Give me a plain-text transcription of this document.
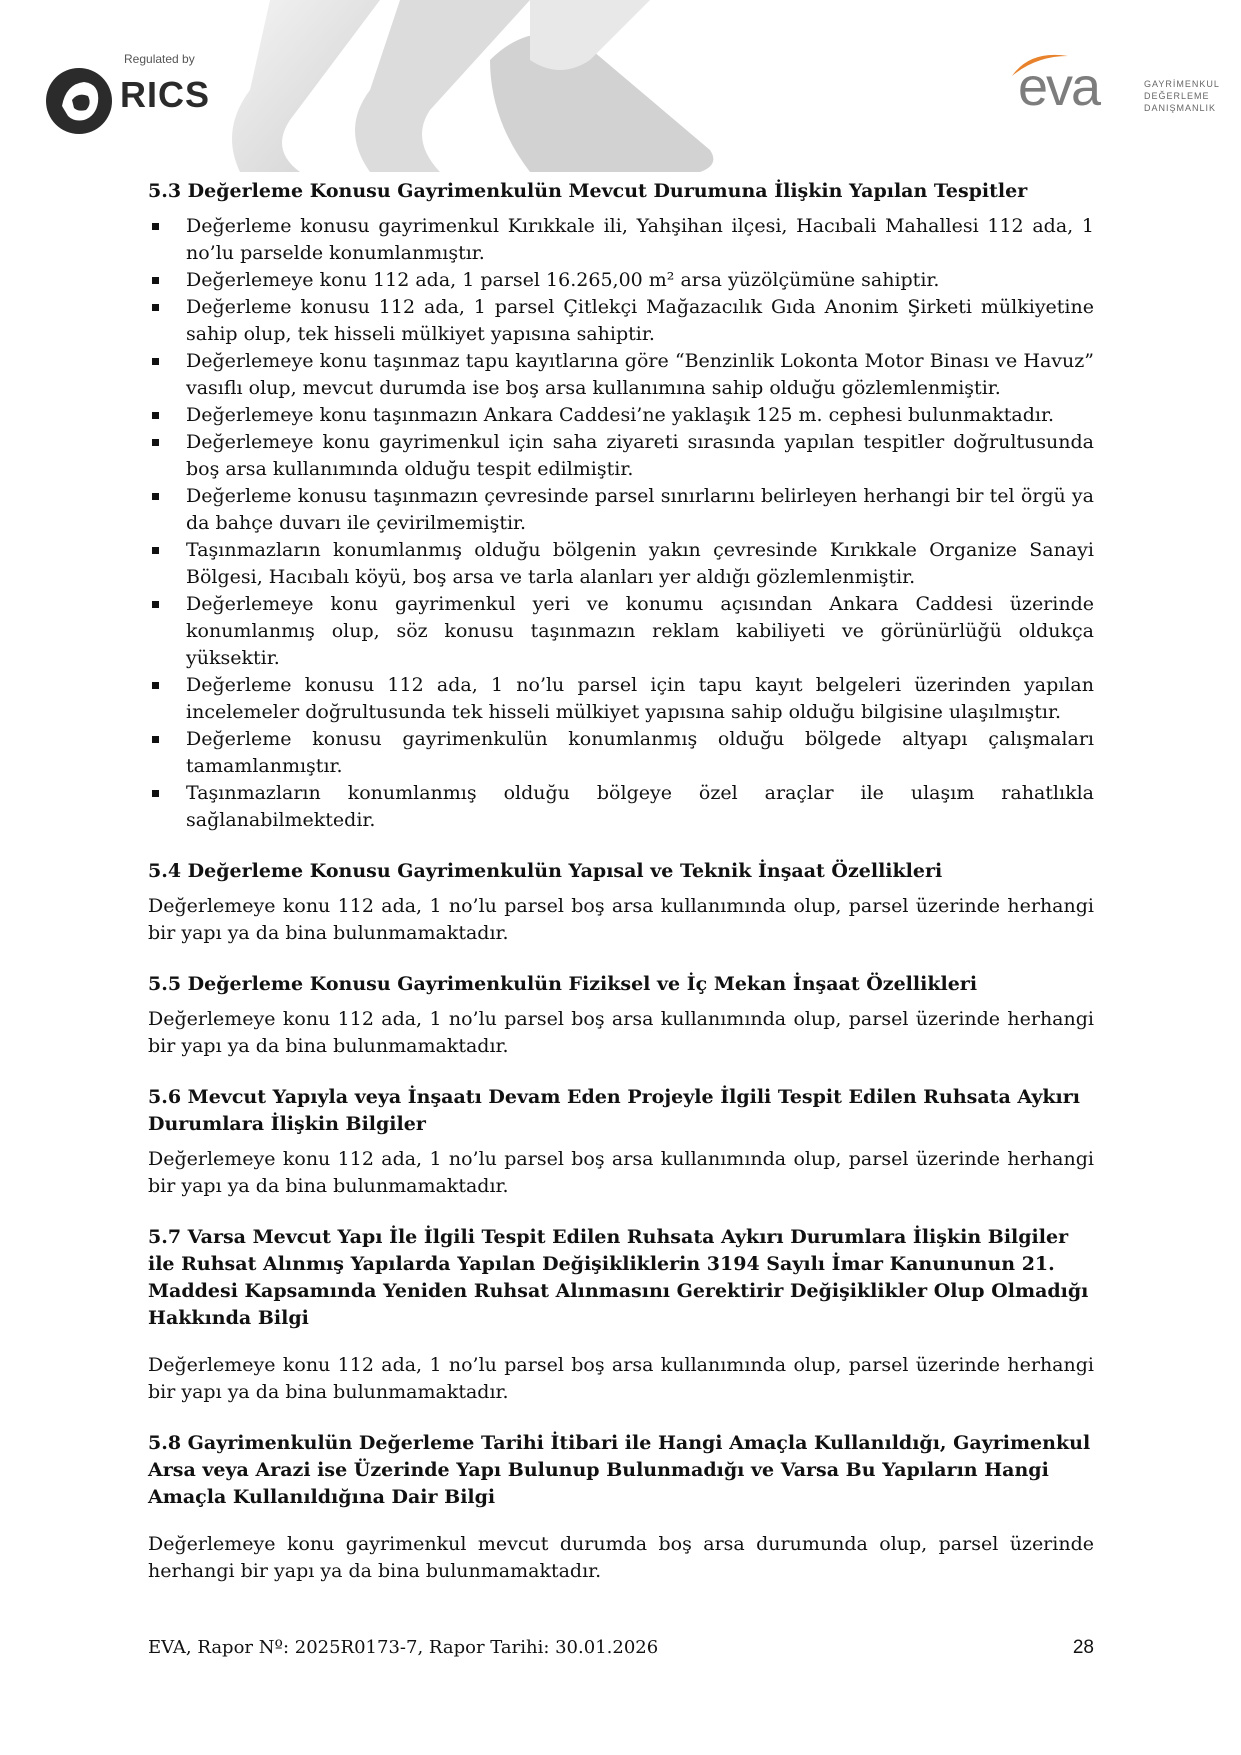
Regulated by
RICS	eva	GAYRİMENKUL
DEĞERLEME
DANIŞMANLIK
5.3 Değerleme Konusu Gayrimenkulün Mevcut Durumuna İlişkin Yapılan Tespitler
Değerleme konusu gayrimenkul Kırıkkale ili, Yahşihan ilçesi, Hacıbali Mahallesi 112 ada, 1 no’lu parselde konumlanmıştır.
Değerlemeye konu 112 ada, 1 parsel 16.265,00 m² arsa yüzölçümüne sahiptir.
Değerleme konusu 112 ada, 1 parsel Çitlekçi Mağazacılık Gıda Anonim Şirketi mülkiyetine sahip olup, tek hisseli mülkiyet yapısına sahiptir.
Değerlemeye konu taşınmaz tapu kayıtlarına göre “Benzinlik Lokonta Motor Binası ve Havuz” vasıflı olup, mevcut durumda ise boş arsa kullanımına sahip olduğu gözlemlenmiştir.
Değerlemeye konu taşınmazın Ankara Caddesi’ne yaklaşık 125 m. cephesi bulunmaktadır.
Değerlemeye konu gayrimenkul için saha ziyareti sırasında yapılan tespitler doğrultusunda boş arsa kullanımında olduğu tespit edilmiştir.
Değerleme konusu taşınmazın çevresinde parsel sınırlarını belirleyen herhangi bir tel örgü ya da bahçe duvarı ile çevirilmemiştir.
Taşınmazların konumlanmış olduğu bölgenin yakın çevresinde Kırıkkale Organize Sanayi Bölgesi, Hacıbalı köyü, boş arsa ve tarla alanları yer aldığı gözlemlenmiştir.
Değerlemeye konu gayrimenkul yeri ve konumu açısından Ankara Caddesi üzerinde konumlanmış olup, söz konusu taşınmazın reklam kabiliyeti ve görünürlüğü oldukça yüksektir.
Değerleme konusu 112 ada, 1 no’lu parsel için tapu kayıt belgeleri üzerinden yapılan incelemeler doğrultusunda tek hisseli mülkiyet yapısına sahip olduğu bilgisine ulaşılmıştır.
Değerleme konusu gayrimenkulün konumlanmış olduğu bölgede altyapı çalışmaları tamamlanmıştır.
Taşınmazların konumlanmış olduğu bölgeye özel araçlar ile ulaşım rahatlıkla sağlanabilmektedir.
5.4 Değerleme Konusu Gayrimenkulün Yapısal ve Teknik İnşaat Özellikleri

Değerlemeye konu 112 ada, 1 no’lu parsel boş arsa kullanımında olup, parsel üzerinde herhangi bir yapı ya da bina bulunmamaktadır.

5.5 Değerleme Konusu Gayrimenkulün Fiziksel ve İç Mekan İnşaat Özellikleri

Değerlemeye konu 112 ada, 1 no’lu parsel boş arsa kullanımında olup, parsel üzerinde herhangi bir yapı ya da bina bulunmamaktadır.

5.6 Mevcut Yapıyla veya İnşaatı Devam Eden Projeyle İlgili Tespit Edilen Ruhsata Aykırı Durumlara İlişkin Bilgiler

Değerlemeye konu 112 ada, 1 no’lu parsel boş arsa kullanımında olup, parsel üzerinde herhangi bir yapı ya da bina bulunmamaktadır.

5.7 Varsa Mevcut Yapı İle İlgili Tespit Edilen Ruhsata Aykırı Durumlara İlişkin Bilgiler ile Ruhsat Alınmış Yapılarda Yapılan Değişikliklerin 3194 Sayılı İmar Kanununun 21. Maddesi Kapsamında Yeniden Ruhsat Alınmasını Gerektirir Değişiklikler Olup Olmadığı Hakkında Bilgi

Değerlemeye konu 112 ada, 1 no’lu parsel boş arsa kullanımında olup, parsel üzerinde herhangi bir yapı ya da bina bulunmamaktadır.

5.8 Gayrimenkulün Değerleme Tarihi İtibari ile Hangi Amaçla Kullanıldığı, Gayrimenkul Arsa veya Arazi ise Üzerinde Yapı Bulunup Bulunmadığı ve Varsa Bu Yapıların Hangi Amaçla Kullanıldığına Dair Bilgi

Değerlemeye konu gayrimenkul mevcut durumda boş arsa durumunda olup, parsel üzerinde herhangi bir yapı ya da bina bulunmamaktadır.

EVA, Rapor Nº: 2025R0173-7, Rapor Tarihi: 30.01.2026	28
